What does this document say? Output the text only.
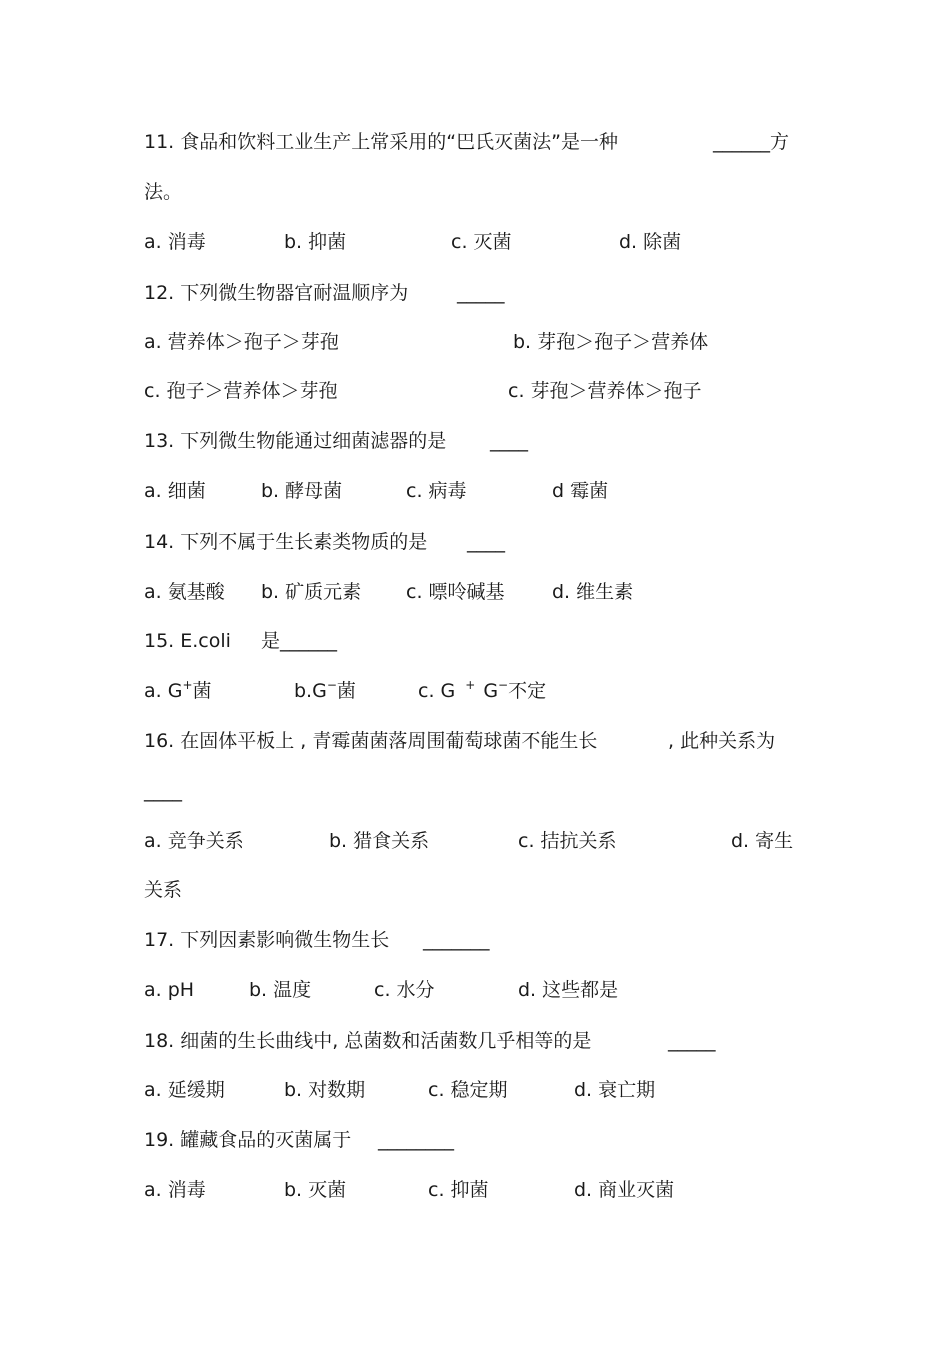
11. 食品和饮料工业生产上常采用的“巴氏灭菌法”是一种	______方
法。
a. 消毒	b. 抑菌	c. 灭菌	d. 除菌
12. 下列微生物器官耐温顺序为	_____
a. 营养体＞孢子＞芽孢	b. 芽孢＞孢子＞营养体
c. 孢子＞营养体＞芽孢	c. 芽孢＞营养体＞孢子
13. 下列微生物能通过细菌滤器的是 ____
a. 细菌	b. 酵母菌	c. 病毒	d 霉菌
14. 下列不属于生长素类物质的是 ____
a. 氨基酸 b. 矿质元素 c. 嘌呤碱基 d. 维生素
15. E.coli 是______
a. G+菌	b.G−菌	c. G + G−不定
16. 在固体平板上 , 青霉菌菌落周围葡萄球菌不能生长	, 此种关系为
____
a. 竞争关系	b. 猎食关系	c. 拮抗关系	d. 寄生
关系
17. 下列因素影响微生物生长 _______
a. pH	b. 温度	c. 水分	d. 这些都是
18. 细菌的生长曲线中, 总菌数和活菌数几乎相等的是	_____
a. 延缓期	b. 对数期	c. 稳定期	d. 衰亡期
19. 罐藏食品的灭菌属于 ________
a. 消毒	b. 灭菌	c. 抑菌	d. 商业灭菌
